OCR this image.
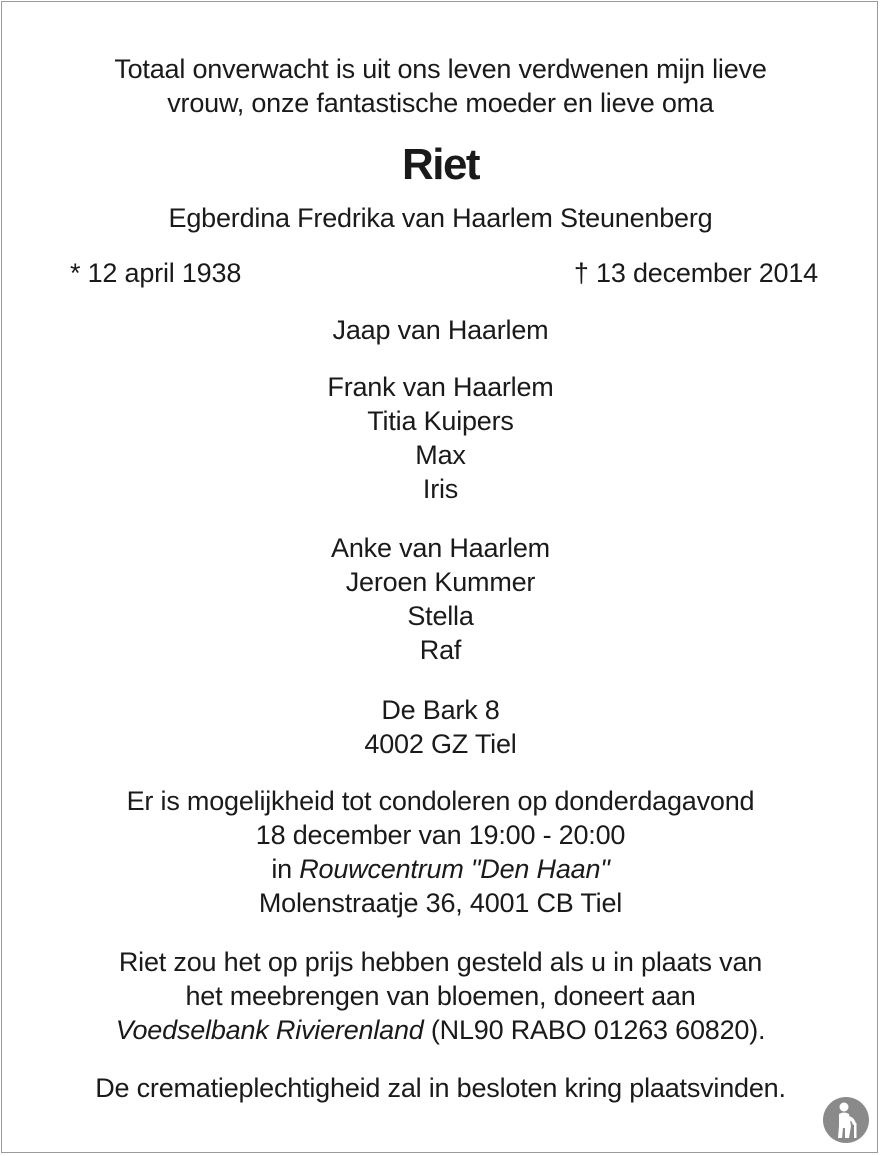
Totaal onverwacht is uit ons leven verdwenen mijn lieve
vrouw, onze fantastische moeder en lieve oma
Riet
Egberdina Fredrika van Haarlem Steunenberg
* 12 april 1938	† 13 december 2014
Jaap van Haarlem
Frank van Haarlem
Titia Kuipers
Max
Iris
Anke van Haarlem
Jeroen Kummer
Stella
Raf
De Bark 8
4002 GZ Tiel
Er is mogelijkheid tot condoleren op donderdagavond
18 december van 19:00 - 20:00
in Rouwcentrum "Den Haan"
Molenstraatje 36, 4001 CB Tiel
Riet zou het op prijs hebben gesteld als u in plaats van
het meebrengen van bloemen, doneert aan
Voedselbank Rivierenland (NL90 RABO 01263 60820).
De crematieplechtigheid zal in besloten kring plaatsvinden.
